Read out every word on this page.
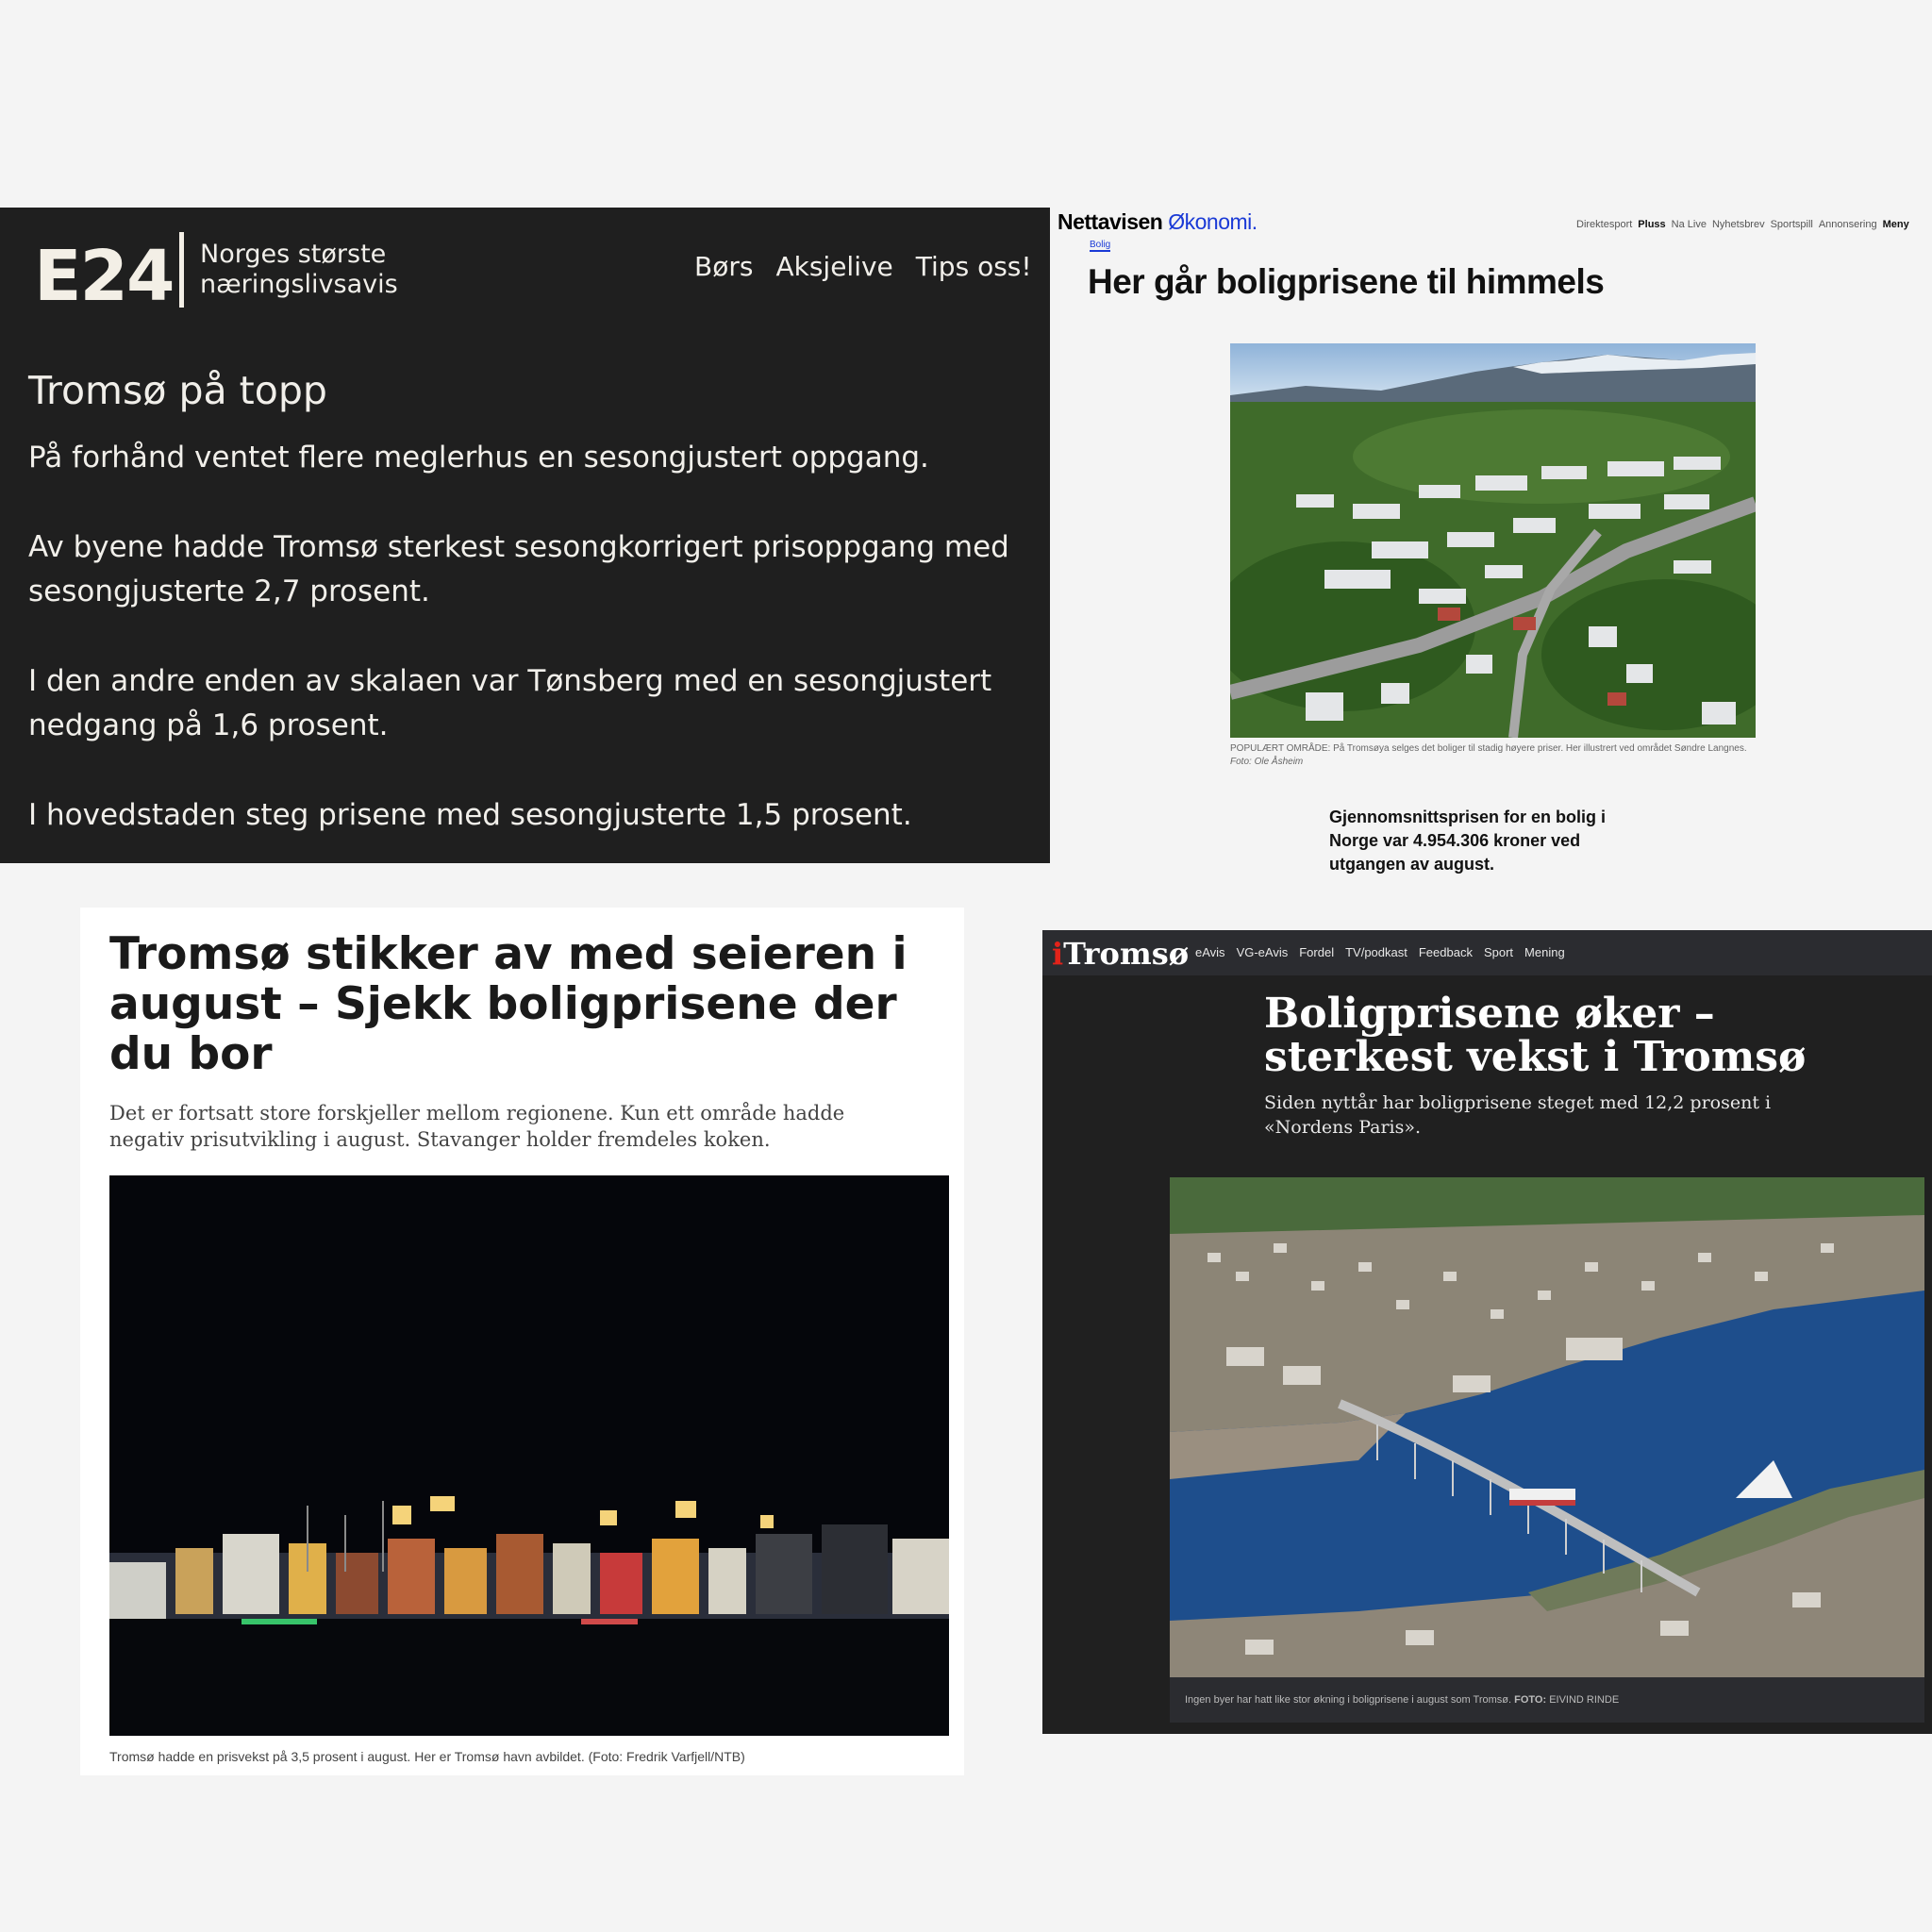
E24 Norges største
næringslivsavis
Børs Aksjelive Tips oss!
Tromsø på topp

På forhånd ventet flere meglerhus en sesongjustert oppgang.

Av byene hadde Tromsø sterkest sesongkorrigert prisoppgang med sesongjusterte 2,7 prosent.

I den andre enden av skalaen var Tønsberg med en sesongjustert nedgang på 1,6 prosent.

I hovedstaden steg prisene med sesongjusterte 1,5 prosent.

Nettavisen Økonomi.	Direktesport Pluss Na Live Nyhetsbrev Sportspill Annonsering Meny
Bolig
Her går boligprisene til himmels
POPULÆRT OMRÅDE: På Tromsøya selges det boliger til stadig høyere priser. Her illustrert ved området Søndre Langnes.
Foto: Ole Åsheim
Gjennomsnittsprisen for en bolig i Norge var 4.954.306 kroner ved utgangen av august.
Tromsø stikker av med seieren i august – Sjekk boligprisene der du bor
Det er fortsatt store forskjeller mellom regionene. Kun ett område hadde negativ prisutvikling i august. Stavanger holder fremdeles koken.
Tromsø hadde en prisvekst på 3,5 prosent i august. Her er Tromsø havn avbildet. (Foto: Fredrik Varfjell/NTB)
iTromsø eAvis VG-eAvis Fordel TV/podkast Feedback Sport Mening
Boligprisene øker – sterkest vekst i Tromsø
Siden nyttår har boligprisene steget med 12,2 prosent i «Nordens Paris».
Ingen byer har hatt like stor økning i boligprisene i august som Tromsø. FOTO: EIVIND RINDE
